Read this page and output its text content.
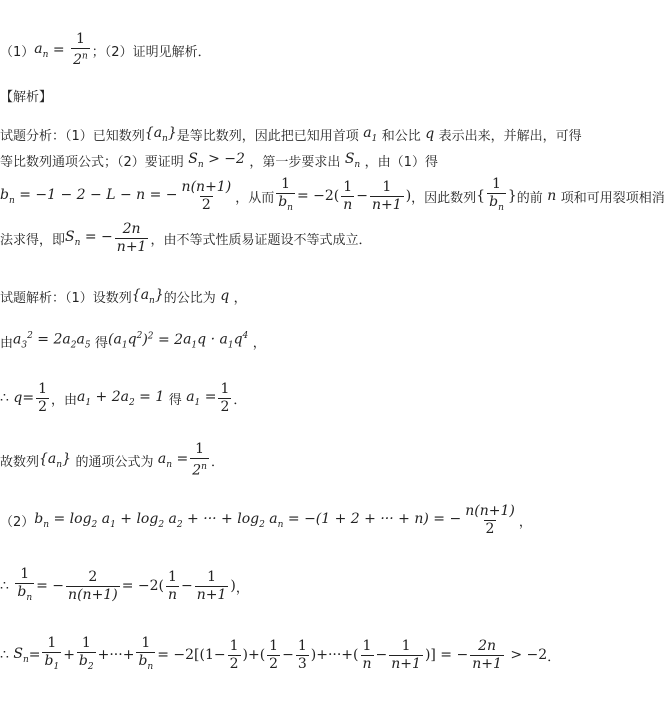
（1） $a_n = \frac{1}{2^n}$ ；（2）证明见解析．
【解析】
试题分析：（1）已知数列 $\{a_n\}$ 是等比数列，因此把已知用首项 $a_1$ 和公比 q 表示出来，并解出，可得
等比数列通项公式；（2）要证明 $S_n > -2$ ，第一步要求出 $S_n$ ，由（1）得
$b_n = -1 - 2 - L - n$ = − $\frac{n(n+1)}{2}$ ，从而 $\frac{1}{b_n} = -2( \frac{1}{n} - \frac{1}{n+1}$ ) ，因此数列 { $\frac{1}{b_n}$ } 的前 n 项和可用裂项相消
法求得，即 $S_n$ = − $\frac{2n}{n+1}$ ，由不等式性质易证题设不等式成立．
试题解析：（1）设数列 $\{a_n\}$ 的公比为 q ，
由 $a_3^2 = 2a_2a_5$ 得 $(a_1q^2)^2 = 2a_1q \cdot a_1q^4$ ，
∴ $q = \frac{1}{2}$ ，由 $a_1 + 2a_2 = 1$ 得 $a_1 = \frac{1}{2}$ ．
故数列 $\{a_n\}$ 的通项公式为 $a_n = \frac{1}{2^n}$ ．
（2） $b_n = \log_2 a_1 + \log_2 a_2$ + ··· + $\log_2 a_n = -(1 + 2$ + ··· + n) = − $\frac{n(n+1)}{2}$ ，
∴ $\frac{1}{b_n}$ = − $\frac{2}{n(n+1)} = -2( \frac{1}{n} - \frac{1}{n+1}$ ) ，
∴ $S_n = \frac{1}{b_1} + \frac{1}{b_2}$ +···+ $\frac{1}{b_n} = -2[(1- \frac{1}{2}$ )+( $\frac{1}{2} - \frac{1}{3}$ )+···+( $\frac{1}{n} - \frac{1}{n+1}$ )] = − $\frac{2n}{n+1} > -2$ ．
